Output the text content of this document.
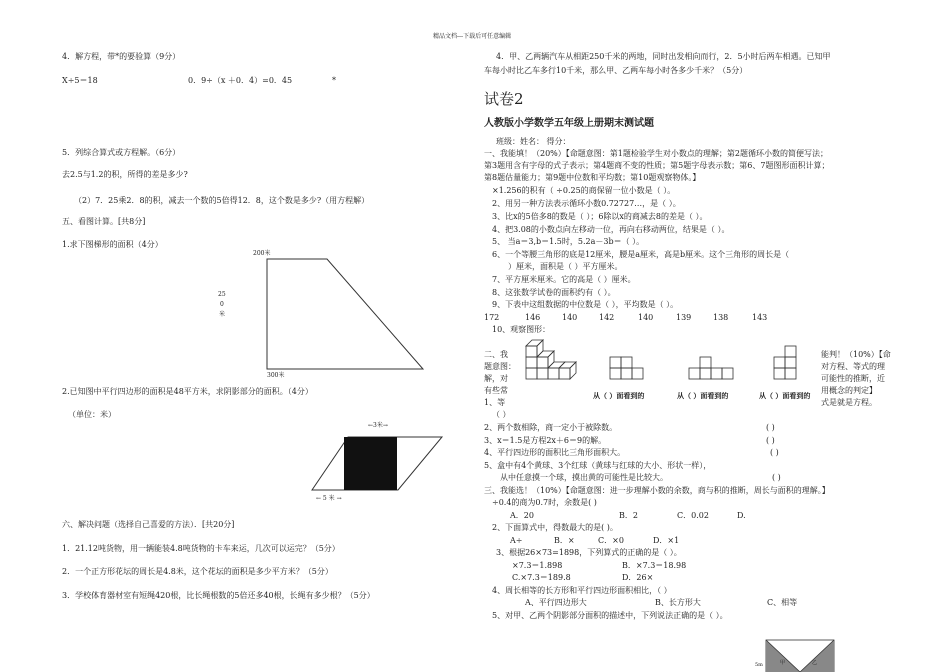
精品文档---下载后可任意编辑
4．解方程，带*的要验算（9分）
X÷5＝18	0．9÷（x ＋0．4）=0．45	*
5．列综合算式或方程解。（6分）
去2.5与1.2的积，所得的差是多少?
（2）7．25乘2．8的积，减去一个数的5倍得12．8，这个数是多少?（用方程解）
五、看图计算。[共8分]
1.求下图梯形的面积（4分）
200米
25
0
米
300米
2.已知图中平行四边形的面积是48平方米，求阴影部分的面积。（4分）
（单位：米）
←3米→
← 5 米 →
六、解决问题（选择自己喜爱的方法）．[共20分]
1．21.12吨货物，用一辆能装4.8吨货物的卡车来运，几次可以运完？（5分）
2．一个正方形花坛的周长是4.8米，这个花坛的面积是多少平方米？（5分）
3．学校体育器材室有短绳420根，比长绳根数的5倍还多40根，长绳有多少根？（5分）
4．甲、乙两辆汽车从相距250千米的两地，同时出发相向而行，2．5小时后两车相遇。已知甲
车每小时比乙车多行10千米，那么甲、乙两车每小时各多少千米？（5分）
试卷2
人教版小学数学五年级上册期末测试题
班级：姓名： 得分：
一、我能填！（20%）【命题意图：第1题检验学生对小数点的理解；第2题循环小数的简便写法；
第3题用含有字母的式子表示；第4题商不变的性质；第5题字母表示数；第6、7题图形面积计算；
第8题估量能力；第9题中位数和平均数；第10题观察物体。】
×1.256的积有（ ÷0.25的商保留一位小数是（ ）。
2、用另一种方法表示循环小数0.72727…，是（ ）。
3、比x的5倍多8的数是（ ）；6除以x的商减去8的差是（ ）。
4、把3.08的小数点向左移动一位，再向右移动两位，结果是（ ）。
5、 当a＝3,b＝1.5时，5.2a－3b＝（ ）。
6、一个等腰三角形的底是12厘米，腰是a厘米，高是b厘米。这个三角形的周长是（
）厘米，面积是（ ）平方厘米。
7、平方厘米厘米。它的高是（ ）厘米。
8、这张数学试卷的面积约有（ ）。
9、下表中这组数据的中位数是（ ），平均数是（ ）。
172	146	140	142	140	139	138	143
10、观察图形：
二、我
题意图：
解，对
有些常
1、等
（ ）
能判！（10%）【命
对方程、等式的理
可能性的推断，近
用概念的判定】
式是就是方程。
从（ ）面看到的	从（ ）面看到的	从（ ）面看到的
2、两个数相除，商一定小于被除数。	( )
3、x＝1.5是方程2x＋6＝9的解。	( )
4、平行四边形的面积比三角形面积大。	( )
5、盒中有4个黄球、3个红球（黄球与红球的大小、形状一样），
从中任意摸一个球，摸出黄的可能性是比较大。	( )
三、我能选！（10%）【命题意图：进一步理解小数的余数，商与积的推断，周长与面积的理解。】
÷0.4的商为0.7时，余数是( )
A．20	B．2	C．0.02	D.
2、下面算式中，得数最大的是( )。
A÷	B．×	C．×0	D．×1
3、根据26×73=1898，下列算式的正确的是（ ）。
×7.3＝1.898	B．×7.3＝18.98
C.×7.3＝189.8	D．26×
4、周长相等的长方形和平行四边形面积相比，（ ）
A、平行四边形大	B、长方形大	C、相等
5、对甲、乙两个阴影部分面积的描述中，下列说法正确的是（ ）。
5m	甲	乙
